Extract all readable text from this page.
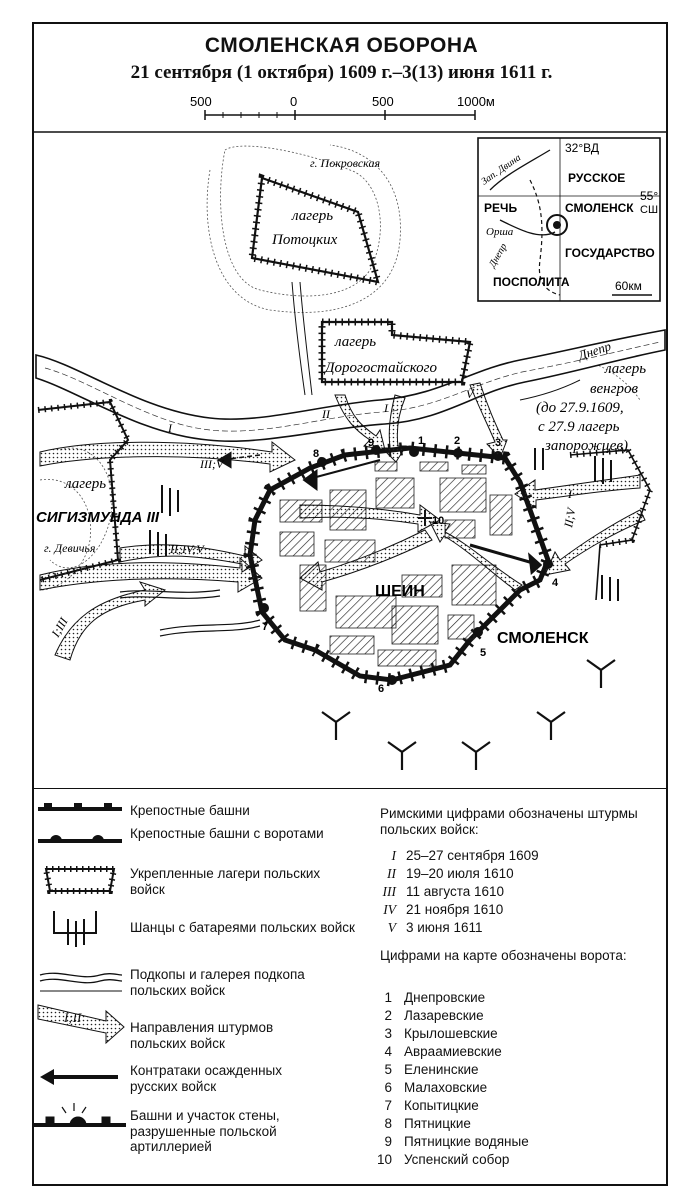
СМОЛЕНСКАЯ ОБОРОНА
21 сентября (1 октября) 1609 г.–3(13) июня 1611 г.
500	0	500	1000м
г. Покровская
лагерь
Потоцких
лагерь
Дорогостайского
Днепр
лагерь
венгров
(до 27.9.1609,
с 27.9 лагерь
запорожцев)
лагерь
СИГИЗМУНДА III
г. Девичья
ШЕИН
СМОЛЕНСК
I
II
V
I
III;V
II;IV;V
I;III
I
II;V
1	2	3
4
5
6
7
8
9
10
32°ВД
Зап. Двина	РУССКОЕ
55°
СШ
РЕЧЬ	СМОЛЕНСК
Орша
Днепр	ГОСУДАРСТВО
ПОСПОЛИТА	60км
Крепостные башни
Крепостные башни с воротами
Укрепленные лагери польских войск
Шанцы с батареями польских войск
Подкопы и галерея подкопа польских войск
I;II
Направления штурмов польских войск
Контратаки осажденных русских войск
Башни и участок стены, разрушенные польской артиллерией
Римскими цифрами обозначены штурмы польских войск:
I 25–27 сентября 1609
II 19–20 июля 1610
III 11 августа 1610
IV 21 ноября 1610
V 3 июня 1611
Цифрами на карте обозначены ворота:
1 Днепровские
2 Лазаревские
3 Крылошевские
4 Авраамиевские
5 Еленинские
6 Малаховские
7 Копытицкие
8 Пятницкие
9 Пятницкие водяные
10 Успенский собор
